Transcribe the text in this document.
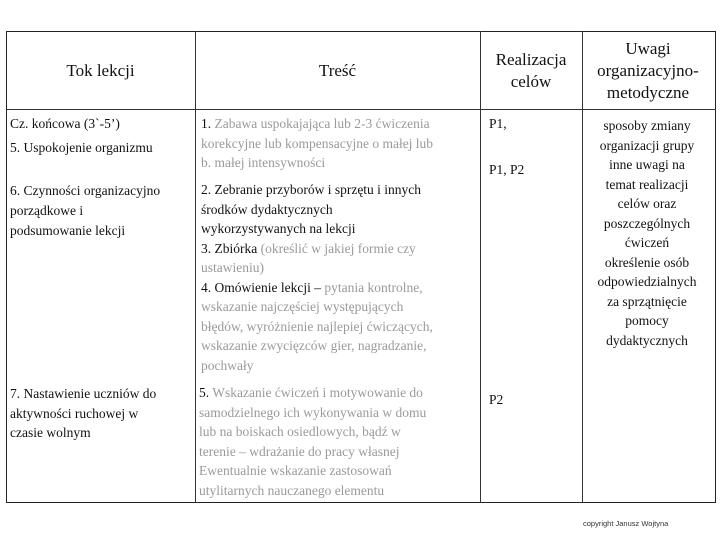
Tok lekcji	Treść
Realizacja
celów
Uwagi
organizacyjno-
metodyczne
Cz. końcowa (3`-5’)
5. Uspokojenie organizmu
6. Czynności organizacyjno
porządkowe i
podsumowanie lekcji
7. Nastawienie uczniów do
aktywności ruchowej w
czasie wolnym
1. Zabawa uspokajająca lub 2-3 ćwiczenia
korekcyjne lub kompensacyjne o małej lub
b. małej intensywności
2. Zebranie przyborów i sprzętu i innych
środków dydaktycznych
wykorzystywanych na lekcji
3. Zbiórka (określić w jakiej formie czy
ustawieniu)
4. Omówienie lekcji – pytania kontrolne,
wskazanie najczęściej występujących
błędów, wyróżnienie najlepiej ćwiczących,
wskazanie zwycięzców gier, nagradzanie,
pochwały
5. Wskazanie ćwiczeń i motywowanie do
samodzielnego ich wykonywania w domu
lub na boiskach osiedlowych, bądź w
terenie – wdrażanie do pracy własnej
Ewentualnie wskazanie zastosowań
utylitarnych nauczanego elementu
P1,
P1, P2
P2
sposoby zmiany
organizacji grupy
inne uwagi na
temat realizacji
celów oraz
poszczególnych
ćwiczeń
określenie osób
odpowiedzialnych
za sprzątnięcie
pomocy
dydaktycznych
copyright Janusz Wojtyna
